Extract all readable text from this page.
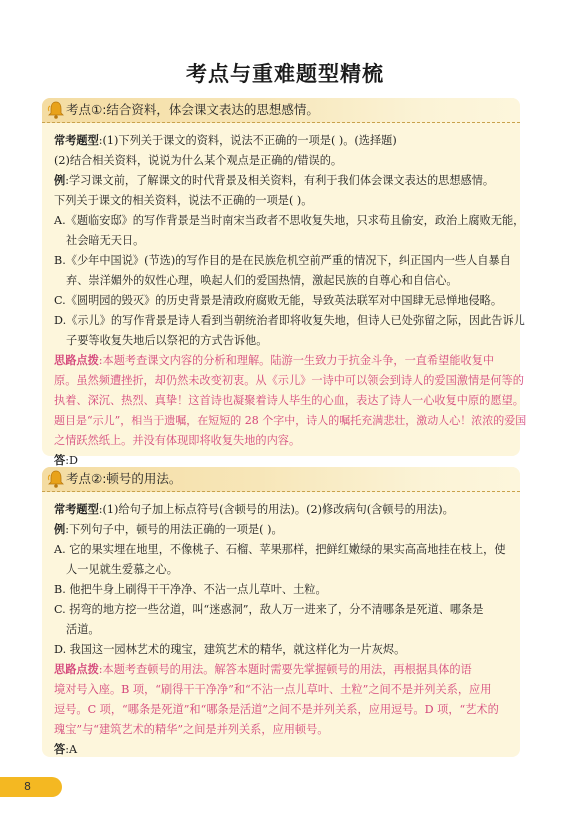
考点与重难题型精梳
考点①:结合资料，体会课文表达的思想感情。
常考题型:(1)下列关于课文的资料，说法不正确的一项是( )。(选择题)
(2)结合相关资料，说说为什么某个观点是正确的/错误的。
例:学习课文前，了解课文的时代背景及相关资料，有利于我们体会课文表达的思想感情。
下列关于课文的相关资料，说法不正确的一项是( )。
A.《题临安邸》的写作背景是当时南宋当政者不思收复失地，只求苟且偷安，政治上腐败无能，
社会暗无天日。
B.《少年中国说》(节选)的写作目的是在民族危机空前严重的情况下，纠正国内一些人自暴自
弃、崇洋媚外的奴性心理，唤起人们的爱国热情，激起民族的自尊心和自信心。
C.《圆明园的毁灭》的历史背景是清政府腐败无能，导致英法联军对中国肆无忌惮地侵略。
D.《示儿》的写作背景是诗人看到当朝统治者即将收复失地，但诗人已处弥留之际，因此告诉儿
子要等收复失地后以祭祀的方式告诉他。
思路点拨:本题考查课文内容的分析和理解。陆游一生致力于抗金斗争，一直希望能收复中
原。虽然频遭挫折，却仍然未改变初衷。从《示儿》一诗中可以领会到诗人的爱国激情是何等的
执着、深沉、热烈、真挚！这首诗也凝聚着诗人毕生的心血，表达了诗人一心收复中原的愿望。
题目是“示儿”，相当于遗嘱，在短短的 28 个字中，诗人的嘱托充满悲壮，激动人心！浓浓的爱国
之情跃然纸上。并没有体现即将收复失地的内容。
答:D
考点②:顿号的用法。
常考题型:(1)给句子加上标点符号(含顿号的用法)。(2)修改病句(含顿号的用法)。
例:下列句子中，顿号的用法正确的一项是( )。
A. 它的果实埋在地里，不像桃子、石榴、苹果那样，把鲜红嫩绿的果实高高地挂在枝上，使
人一见就生爱慕之心。
B. 他把牛身上刷得干干净净、不沾一点儿草叶、土粒。
C. 拐弯的地方挖一些岔道，叫“迷惑洞”，敌人万一进来了，分不清哪条是死道、哪条是
活道。
D. 我国这一园林艺术的瑰宝，建筑艺术的精华，就这样化为一片灰烬。
思路点拨:本题考查顿号的用法。解答本题时需要先掌握顿号的用法，再根据具体的语
境对号入座。B 项，“刷得干干净净”和“不沾一点儿草叶、土粒”之间不是并列关系，应用
逗号。C 项，“哪条是死道”和“哪条是活道”之间不是并列关系，应用逗号。D 项，“艺术的
瑰宝”与“建筑艺术的精华”之间是并列关系，应用顿号。
答:A
8
